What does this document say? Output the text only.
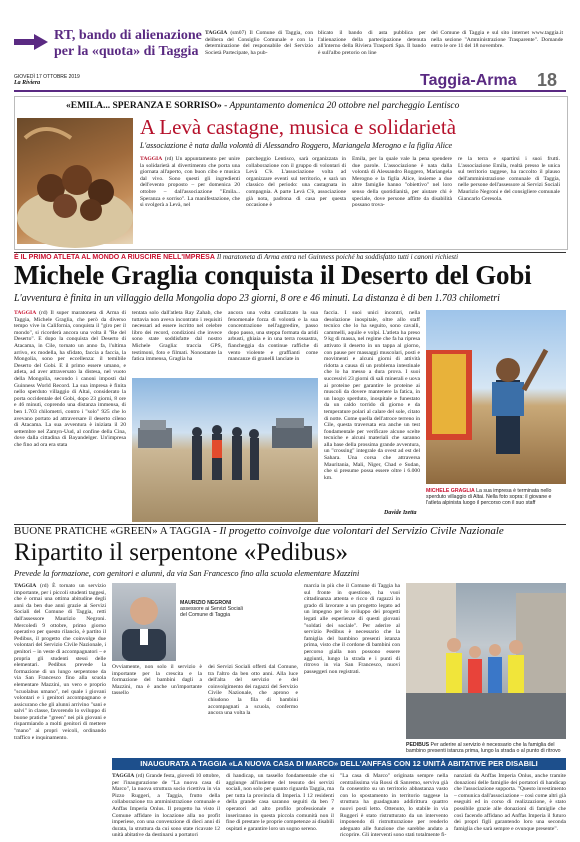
RT, bando di alienazione
per la «quota» di Taggia
TAGGIA (sm07) Il Comune di Taggia, con delibera del Consiglio Comunale e con la determinazione del responsabile del Servizio Società Partecipate, ha pub-
blicato il bando di asta pubblica per l'alienazione della partecipazione detenuta all'interno della Riviera Trasporti Spa. Il bando è sull'albo pretorio on line
del Comune di Taggia e sul sito internet www.taggia.it nella sezione "Amministrazione Trasparente". Domande entro le ore 11 del 18 novembre.
GIOVEDÌ 17 OTTOBRE 2019
La Riviera	Taggia-Arma 18
«EMILA... SPERANZA E SORRISO» - Appuntamento domenica 20 ottobre nel parcheggio Lentisco
A Levà castagne, musica e solidarietà
L'associazione è nata dalla volontà di Alessandro Roggero, Mariangela Merogno e la figlia Alice
TAGGIA (rd) Un appuntamento per unire la solidarietà al divertimento che porta una giornata all'aperto, con buon cibo e musica dal vivo. Sono questi gli ingredienti dell'evento proposto – per domenica 20 ottobre – dall'associazione "Emila... Speranza e sorriso". La manifestazione, che si svolgerà a Levà, nel
parcheggio Lentisco, sarà organizzata in collaborazione con il gruppo di volontari di Levà C'è. L'associazione volta ad organizzare eventi sul territorio, e sarà un classico del periodo: una castagnata in compagnia. A parte Levà C'è, associazione già nota, padrona di casa per questa occasione è
Emila, per la quale vale la pena spendere due parole. L'associazione è nata dalla volontà di Alessandro Roggero, Mariangela Merogno e la figlia Alice, insieme a due altre famiglie hanno "obiettivo" nel loro senso della quotidianità, per aiutare chi è speciale, dove persone affitte da disabilità possano trova-
re la terra e spartirsi i suoi frutti. L'associazione Emila, realtà presso le unica sul territorio taggese, ha raccolto il plauso dell'amministrazione comunale di Taggia, nelle persone dell'assessore ai Servizi Sociali Maurizio Negroni e del consigliere comunale Giancarlo Ceresola.
È IL PRIMO ATLETA AL MONDO A RIUSCIRE NELL'IMPRESA Il maratoneta di Arma entra nel Guinness poiché ha soddisfatto tutti i canoni richiesti
Michele Graglia conquista il Deserto del Gobi
L'avventura è finita in un villaggio della Mongolia dopo 23 giorni, 8 ore e 46 minuti. La distanza è di ben 1.703 chilometri
TAGGIA (rd) Il super maratoneta di Arma di Taggia, Michele Graglia, che però da diverso tempo vive in California, conquista il "giro per il mondo", si ricorderà ancora una volta il "Re del Deserto". E dopo la conquista del Deserto di Atacama, in Cile, tornato un anno fa, l'ultima arrivo, ex modella, ha sfidato, faccia a faccia, la Mongolia, sono per eccellenza: il temibile Deserto del Gobi. E il primo essere umano, e atleta, ad aver attraversato la distesa, nel vuoto della Mongolia, secondo i canoni imposti dal Guinness World Record. La sua impresa è finita nello sperduto villaggio di Altai, considerato la porta occidentale del Gobi, dopo 23 giorni, 8 ore e 46 minuti, coprendo una distanza immensa, di ben 1.703 chilometri, contro i "solo" 925 che lo avevano portato ad attraversare il deserto cileno di Atacama. La sua avventura è iniziata il 20 settembre nel Zamyn-Uud, al confine della Cina, dove dalla cittadina di Bayandelger. Un'impresa che fino ad ora era stata
tentata solo dall'atleta Ray Zahab, che tuttavia non aveva incontrato i requisiti necessari ad essere iscritto nel celebre libro dei record, condizioni che invece sono state soddisfatte dal nostro Michele Graglia: traccia GPS, testimoni, foto e filmati. Nonostante la fatica immensa, Graglia ha
ancora una volta catalizzato la sua fenomenale forza di volontà e la sua concentrazione nell'aggredire, passo dopo passo, una steppa formata da aridi arbusti, ghiaia e in una terra rossastra, fiancheggia da continue raffiche di vento violente e graffianti come mancanze di granelli lanciate in
faccia. I suoi unici incontri, nella desolazione inospitale, oltre allo staff tecnico che lo ha seguito, sono cavalli, cammelli, aquile e volpi. L'atleta ha preso 9 kg di massa, nel regime che fa ha ripresa attivato il deserto in un tappa al giorno, con pause per massaggi muscolari, posti e movimenti e alcuni giorni di attività ridotta a causa di un problema intestinale che lo ha messo a dura prova. I suoi successivi 23 giorni di sali minerali e uova ai proteine per garantire le proteine ai muscoli da dovere mantenere la fatica, in un luogo sperduto, inospitale e funestato da un caldo torrido di giorno e da temperature polari al calare del sole, citato di notte. Come quella dell'atroce terreno in Cile, questa traversata era anche un test fondamentale per verificare alcune scelte tecniche e alcuni materiali che saranno alla base della prossima grande avventura, un "crossing" integrale da ovest ad est del Sahara. Una corsa che attraversa Mauritania, Mali, Niger, Chad e Sudan, che si presume possa essere oltre i 6.000 km.
MICHELE GRAGLIA La sua impresa è terminata nello sperduto villaggio di Altai. Nella foto sopra: il giovane e l'atleta alpinista luogo il percorso con il suo staff
Davide Izetta
BUONE PRATICHE «GREEN» A TAGGIA - Il progetto coinvolge due volontari del Servizio Civile Nazionale
Ripartito il serpentone «Pedibus»
Prevede la formazione, con genitori e alunni, da via San Francesco fino alla scuola elementare Mazzini
TAGGIA (rd) È tornato un servizio importante, per i piccoli studenti taggesi, che è ormai una ottima abitudine degli anni da ben due anni grazie ai Servizi Sociali del Comune di Taggia, retti dall'assessore Maurizio Negroni. Mercoledì 9 ottobre, primo giorno operativo per questo rilancio, è partito il Pedibus, il progetto che coinvolge due volontari del Servizio Civile Nazionale, i genitori – in veste di accompagnatori – e propria gli studenti stessi delle elementari. Pedibus prevede la formazione di un lungo serpentone da via San Francesco fino alla scuola elementare Mazzini, un vero e proprio "scuolabus umano", nel quale i giovani volontari e i genitori accompagnano e assicurano che gli alunni arrivino "sani e salvi" in classe, favorendo lo sviluppo di buone pratiche "green" nei più giovani e risparmiando a molti genitori di mettere "mano" ai propri veicoli, ordinando traffico e inquinamento.
Ovviamente, non solo il servizio è importante per la crescita e la formazione del bambini dagli a Mazzini, ma è anche un'importante tassello
MAURIZIO NEGRONI
assessore ai Servizi Sociali del Comune di Taggia
dei Servizi Sociali offerti dal Comune, tra l'altro da ben otto anni. Alla luce dell'alta del servizio e del coinvolgimento dei ragazzi del Servizio Civile Nazionale, che aprono e chiudono la fila di bambini accompagnati a scuola, confermo ancora una volta la
marcia in più che il Comune di Taggia ha sul fronte in questione, ha vuoi cittadinanza attenta e ricco di ragazzi in grado di lavorare a un progetto legato ad un impegno per lo sviluppo dei progetti legati alle esperienze di questi giovani "soldati dei sociale". Per aderire al servizio Pedibus è necessario che la famiglia del bambino presenti istanza prima, visto che il cordone di bambini con percorso gialla non possono essere aggiunti, lungo la strada e i punti di ritrovo in via San Francesco, nuovi passeggeri non registrati.
PEDIBUS Per aderire al servizio è necessario che la famiglia del bambino presenti istanza prima, lungo la strada o al punto di ritrovo
INAUGURATA A TAGGIA «LA NUOVA CASA DI MARCO» DELL'ANFFAS CON 12 UNITÀ ABITATIVE PER DISABILI
TAGGIA (rd) Grande festa, giovedì 10 ottobre, per l'inaugurazione de "La nuova casa di Marco", la nuova struttura socio ricettiva in via Pizzo Ruggeri, a Taggia, frutto della collaborazione tra amministrazione comunale e Anffas Imperia Onlus. Il progetto ha visto il Comune affidare in locazione alla no profit imperiese, con una convenzione di dieci anni di durata, la struttura da cui sono state ricavate 12 unità abitative da destinarsi a portatori
di handicap, un tassello fondamentale che si aggiunge all'insieme del tessuto dei servizi sociali, non solo per quanto riguarda Taggia, ma per tutta la provincia di Imperia. I 12 residenti della grande casa saranno seguiti da ben 7 operatori ad alto profilo professionale e inseriranno in questa piccola comunità non il fine di prestare le proprie competenze ai disabili ospitati e garantire loro un sogno sereno.
"La casa di Marco" originata sempre nella centralissima via Rossi di Sanremo, serviva già fa consentito su un territorio abbastanza vasto con lo spostamento in territorio taggese la struttura ha guadagnato addirittura quattro nuovi posti letto. Ottenuto, lo stabile in via Ruggeri è stato ristrutturato da un intervento imponendo di ristrutturazione per renderlo adeguato alle funzione che sarebbe andato a ricoprire. Gli interventi sono stati totalmente fi-
nanziati da Anffas Imperia Onlus, anche tramite donazioni delle famiglie dei portatori di handicap che l'associazione supporta. "Questo investimento – comunica dall'associazione – così come altri già eseguiti ed in corso di realizzazione, è stato possibile grazie alle donazioni di famiglie che così facendo affidano ad Anffas Imperia il futuro dei propri figli garantendo loro una seconda famiglia che sarà sempre e ovunque presente".
